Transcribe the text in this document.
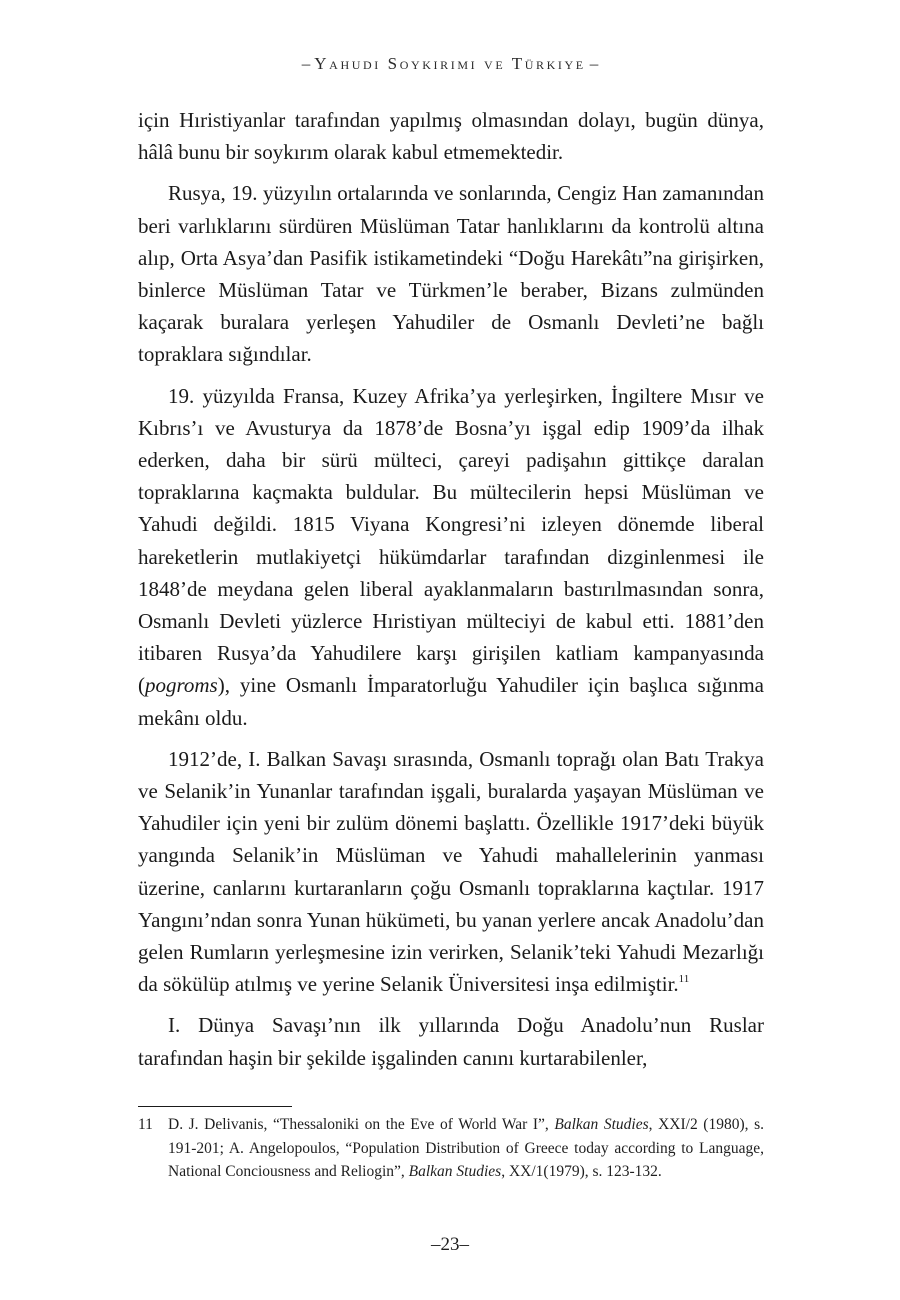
– Yahudi Soykırımı ve Türkiye –

için Hıristiyanlar tarafından yapılmış olmasından dolayı, bugün dünya, hâlâ bunu bir soykırım olarak kabul etmemektedir.

Rusya, 19. yüzyılın ortalarında ve sonlarında, Cengiz Han zamanından beri varlıklarını sürdüren Müslüman Tatar hanlıklarını da kontrolü altına alıp, Orta Asya’dan Pasifik istikametindeki “Doğu Harekâtı”na girişirken, binlerce Müslüman Tatar ve Türkmen’le beraber, Bizans zulmünden kaçarak buralara yerleşen Yahudiler de Osmanlı Devleti’ne bağlı topraklara sığındılar.

19. yüzyılda Fransa, Kuzey Afrika’ya yerleşirken, İngiltere Mısır ve Kıbrıs’ı ve Avusturya da 1878’de Bosna’yı işgal edip 1909’da ilhak ederken, daha bir sürü mülteci, çareyi padişahın gittikçe daralan topraklarına kaçmakta buldular. Bu mültecilerin hepsi Müslüman ve Yahudi değildi. 1815 Viyana Kongresi’ni izleyen dönemde liberal hareketlerin mutlakiyetçi hükümdarlar tarafından dizginlenmesi ile 1848’de meydana gelen liberal ayaklanmaların bastırılmasından sonra, Osmanlı Devleti yüzlerce Hıristiyan mülteciyi de kabul etti. 1881’den itibaren Rusya’da Yahudilere karşı girişilen katliam kampanyasında (pogroms), yine Osmanlı İmparatorluğu Yahudiler için başlıca sığınma mekânı oldu.

1912’de, I. Balkan Savaşı sırasında, Osmanlı toprağı olan Batı Trakya ve Selanik’in Yunanlar tarafından işgali, buralarda yaşayan Müslüman ve Yahudiler için yeni bir zulüm dönemi başlattı. Özellikle 1917’deki büyük yangında Selanik’in Müslüman ve Yahudi mahallelerinin yanması üzerine, canlarını kurtaranların çoğu Osmanlı topraklarına kaçtılar. 1917 Yangını’ndan sonra Yunan hükümeti, bu yanan yerlere ancak Anadolu’dan gelen Rumların yerleşmesine izin verirken, Selanik’teki Yahudi Mezarlığı da sökülüp atılmış ve yerine Selanik Üniversitesi inşa edilmiştir.$^{11}$

I. Dünya Savaşı’nın ilk yıllarında Doğu Anadolu’nun Ruslar tarafından haşin bir şekilde işgalinden canını kurtarabilenler,

11 D. J. Delivanis, “Thessaloniki on the Eve of World War I”, Balkan Studies, XXI/2 (1980), s. 191-201; A. Angelopoulos, “Population Distribution of Greece today according to Language, National Conciousness and Reliogin”, Balkan Studies, XX/1(1979), s. 123-132.
–23–
